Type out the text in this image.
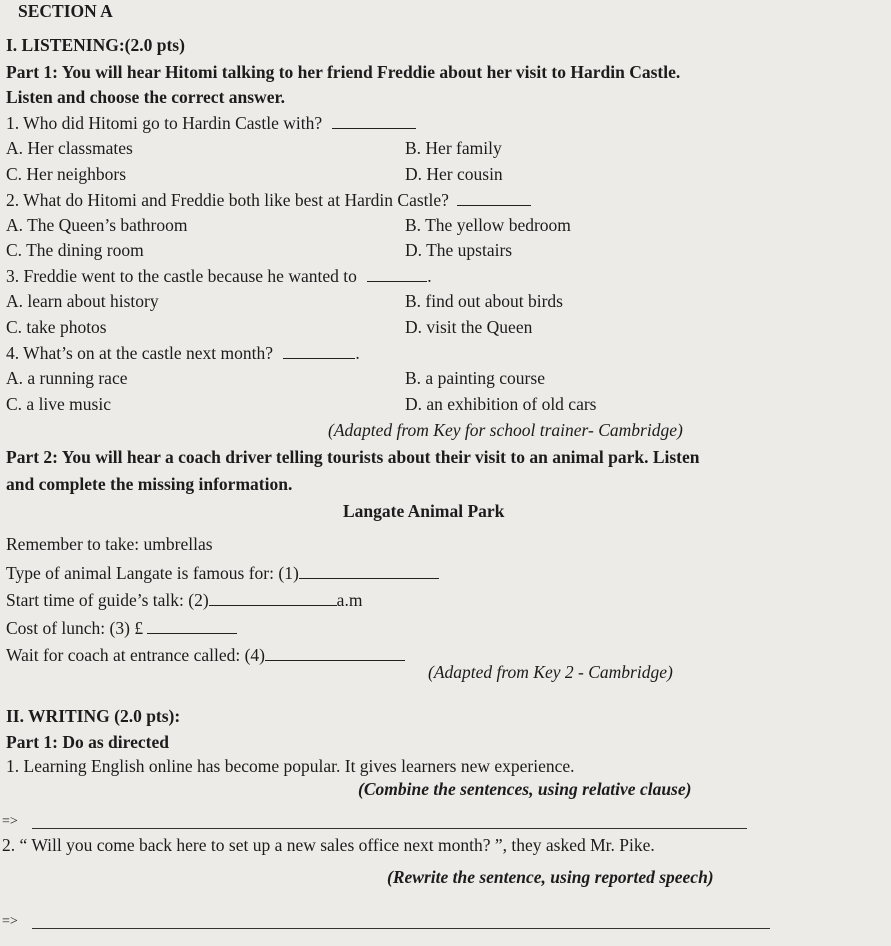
SECTION A
I. LISTENING:(2.0 pts)
Part 1: You will hear Hitomi talking to her friend Freddie about her visit to Hardin Castle.
Listen and choose the correct answer.
1. Who did Hitomi go to Hardin Castle with?
A. Her classmates	B. Her family
C. Her neighbors	D. Her cousin
2. What do Hitomi and Freddie both like best at Hardin Castle?
A. The Queen’s bathroom	B. The yellow bedroom
C. The dining room	D. The upstairs
3. Freddie went to the castle because he wanted to	.
A. learn about history	B. find out about birds
C. take photos	D. visit the Queen
4. What’s on at the castle next month?	.
A. a running race	B. a painting course
C. a live music	D. an exhibition of old cars
(Adapted from Key for school trainer- Cambridge)
Part 2: You will hear a coach driver telling tourists about their visit to an animal park. Listen
and complete the missing information.
Langate Animal Park
Remember to take: umbrellas
Type of animal Langate is famous for: (1)
Start time of guide’s talk: (2)	a.m
Cost of lunch: (3) £
Wait for coach at entrance called: (4)
(Adapted from Key 2 - Cambridge)
II. WRITING (2.0 pts):
Part 1: Do as directed
1. Learning English online has become popular. It gives learners new experience.
(Combine the sentences, using relative clause)
=>
2. “ Will you come back here to set up a new sales office next month? ”, they asked Mr. Pike.
(Rewrite the sentence, using reported speech)
=>
